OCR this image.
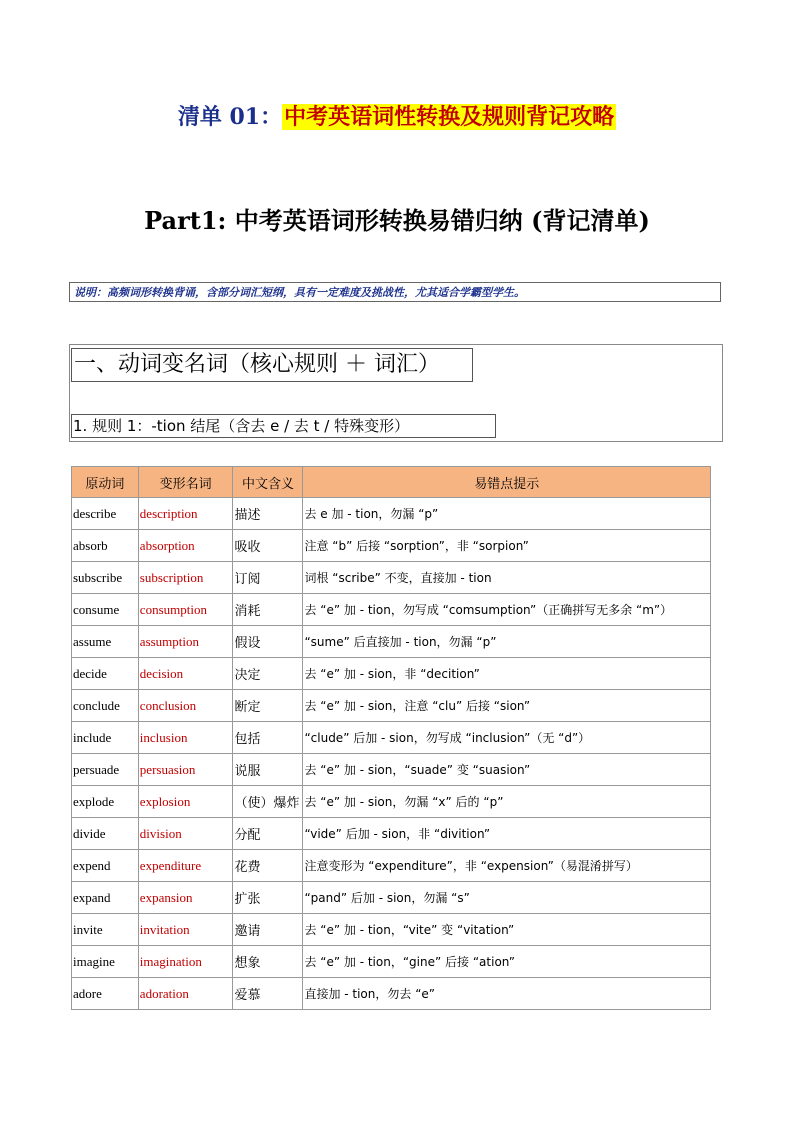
清单 01：中考英语词性转换及规则背记攻略
Part1: 中考英语词形转换易错归纳 (背记清单)
说明：高频词形转换背诵，含部分词汇短纲，具有一定难度及挑战性，尤其适合学霸型学生。
一、动词变名词（核心规则 ＋ 词汇）
1. 规则 1：-tion 结尾（含去 e / 去 t / 特殊变形）
原动词	变形名词	中文含义	易错点提示
describe	description	描述	去 e 加 - tion，勿漏 “p”
absorb	absorption	吸收	注意 “b” 后接 “sorption”，非 “sorpion”
subscribe	subscription	订阅	词根 “scribe” 不变，直接加 - tion
consume	consumption	消耗	去 “e” 加 - tion，勿写成 “comsumption”（正确拼写无多余 “m”）
assume	assumption	假设	“sume” 后直接加 - tion，勿漏 “p”
decide	decision	决定	去 “e” 加 - sion，非 “decition”
conclude	conclusion	断定	去 “e” 加 - sion，注意 “clu” 后接 “sion”
include	inclusion	包括	“clude” 后加 - sion，勿写成 “inclusion”（无 “d”）
persuade	persuasion	说服	去 “e” 加 - sion，“suade” 变 “suasion”
explode	explosion	（使）爆炸	去 “e” 加 - sion，勿漏 “x” 后的 “p”
divide	division	分配	“vide” 后加 - sion，非 “divition”
expend	expenditure	花费	注意变形为 “expenditure”，非 “expension”（易混淆拼写）
expand	expansion	扩张	“pand” 后加 - sion，勿漏 “s”
invite	invitation	邀请	去 “e” 加 - tion，“vite” 变 “vitation”
imagine	imagination	想象	去 “e” 加 - tion，“gine” 后接 “ation”
adore	adoration	爱慕	直接加 - tion，勿去 “e”
